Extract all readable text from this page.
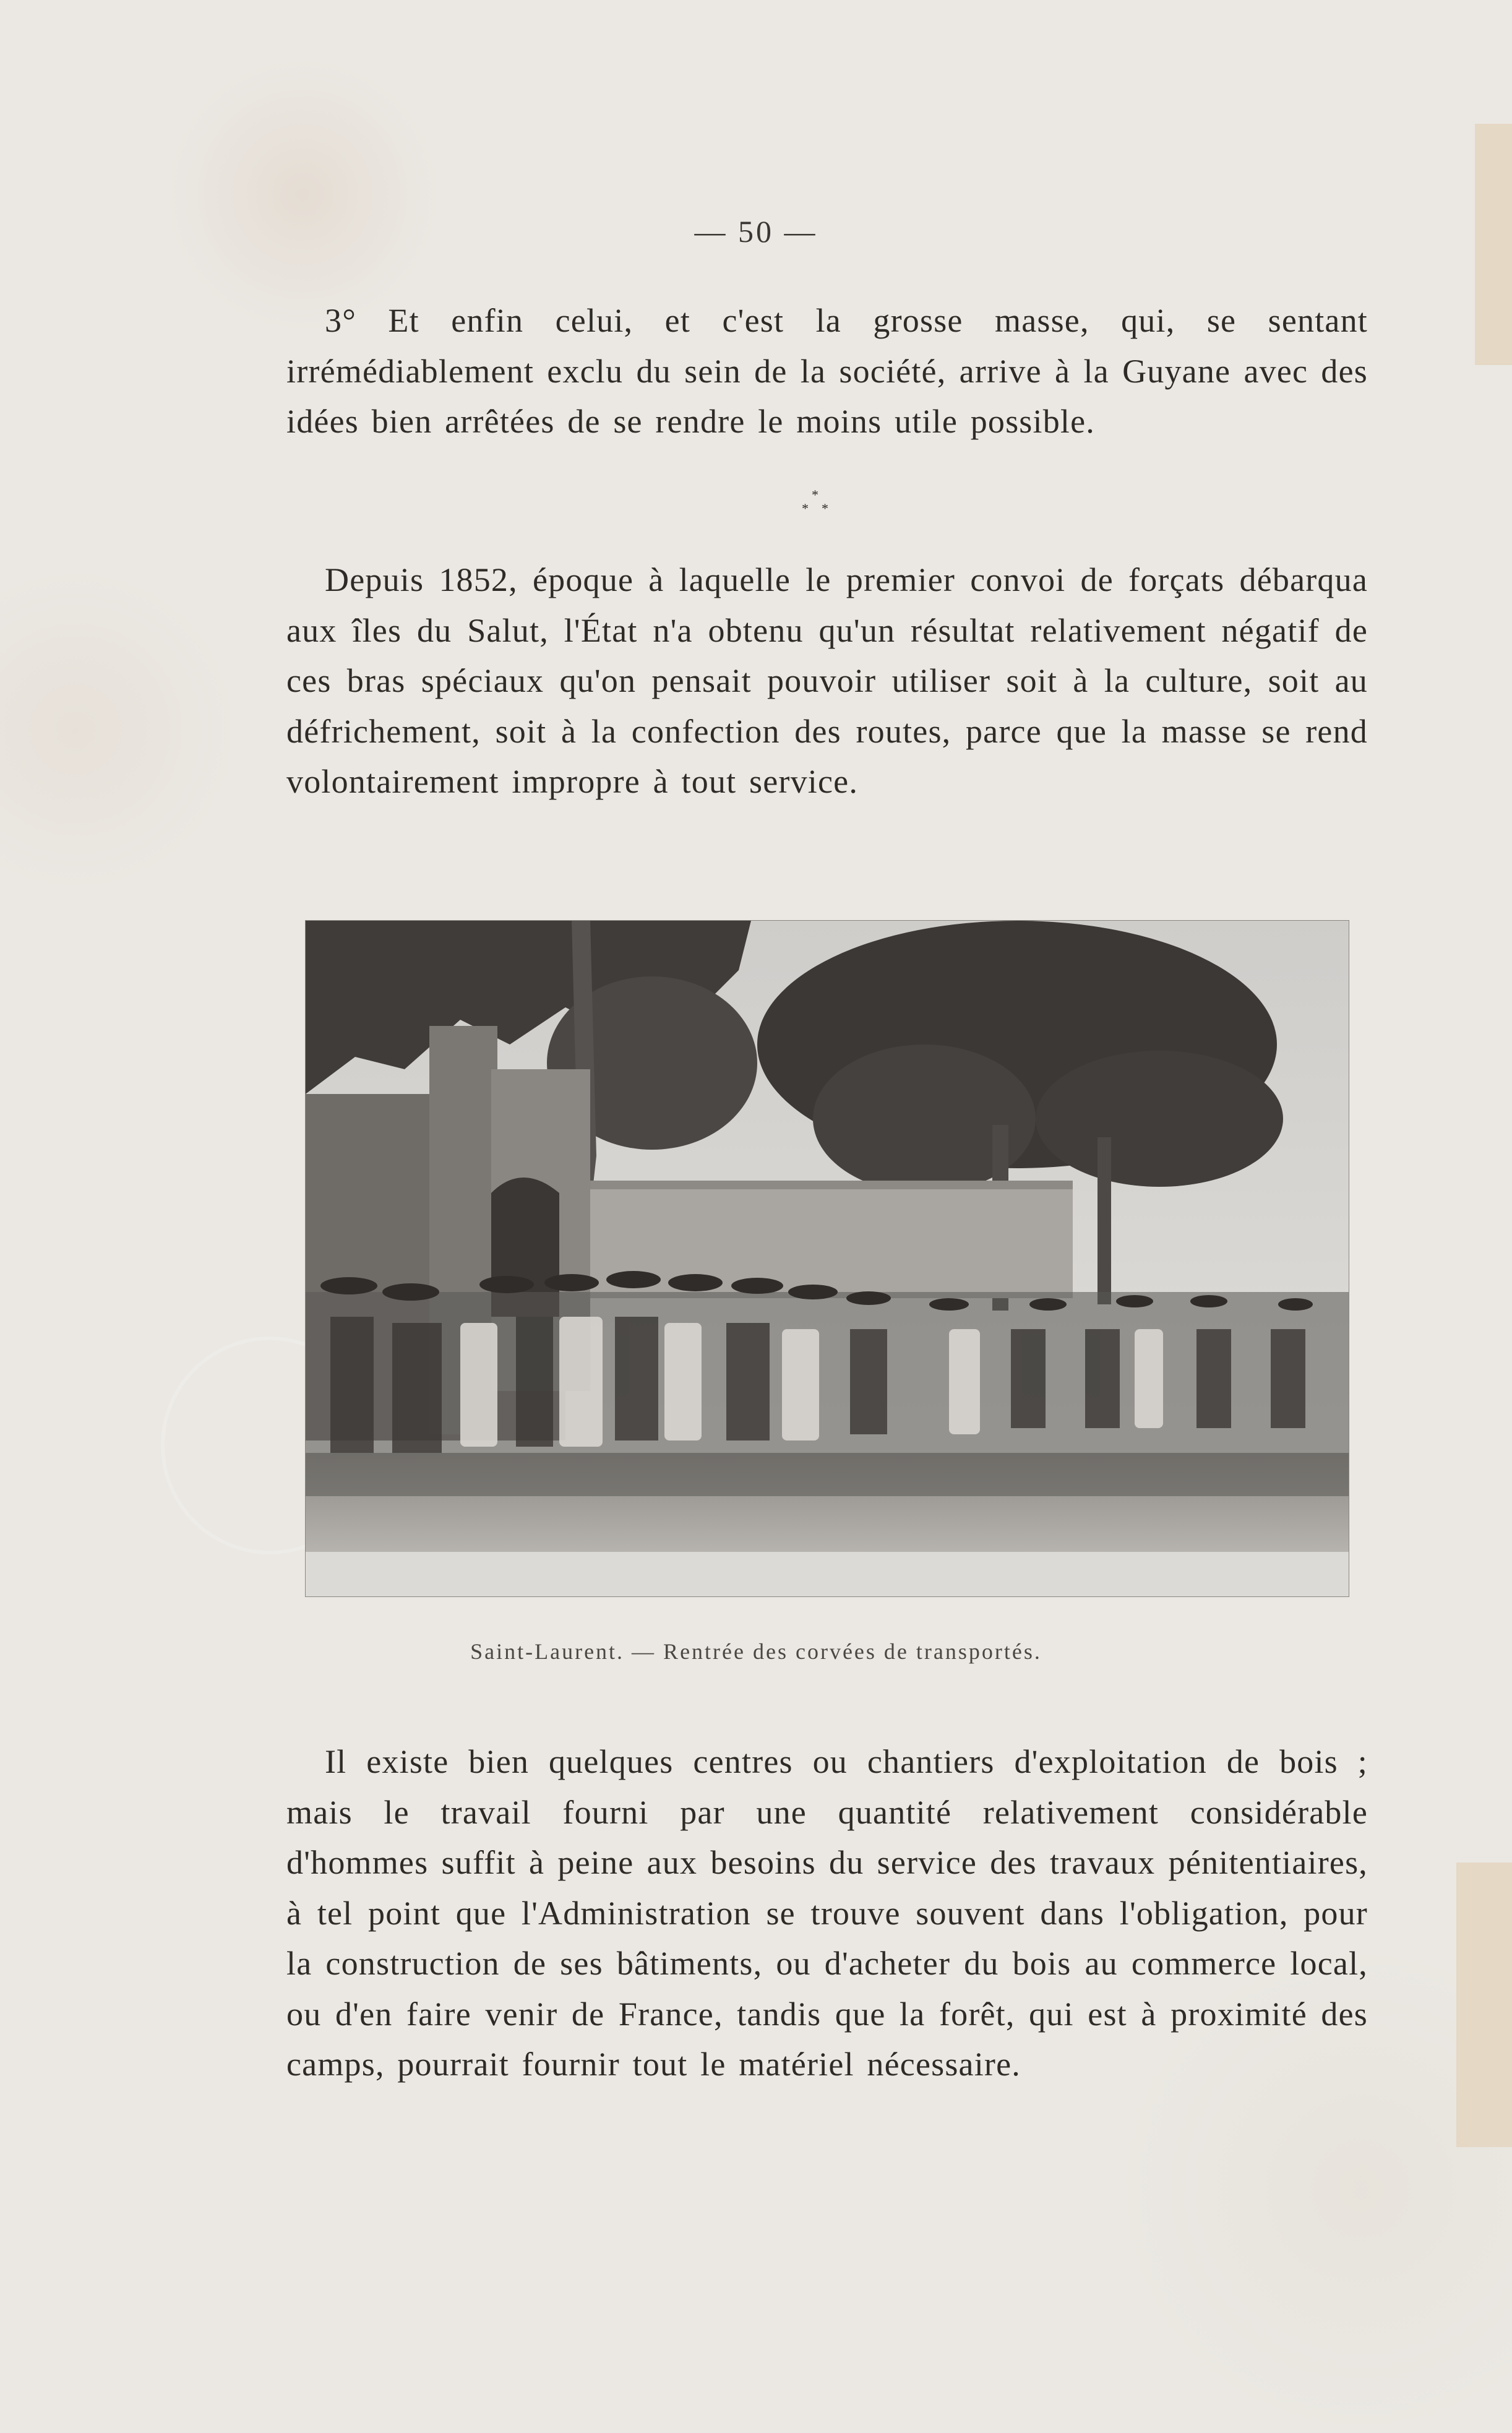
— 50 —

3° Et enfin celui, et c'est la grosse masse, qui, se sentant irrémédiablement exclu du sein de la société, arrive à la Guyane avec des idées bien arrêtées de se rendre le moins utile possible.

*
* *

Depuis 1852, époque à laquelle le premier convoi de forçats débarqua aux îles du Salut, l'État n'a obtenu qu'un résultat relativement négatif de ces bras spéciaux qu'on pensait pouvoir utiliser soit à la culture, soit au défrichement, soit à la confection des routes, parce que la masse se rend volontairement impropre à tout service.

Saint-Laurent. — Rentrée des corvées de transportés.

Il existe bien quelques centres ou chantiers d'exploitation de bois ; mais le travail fourni par une quantité relativement considérable d'hommes suffit à peine aux besoins du service des travaux pénitentiaires, à tel point que l'Administration se trouve souvent dans l'obligation, pour la construction de ses bâtiments, ou d'acheter du bois au commerce local, ou d'en faire venir de France, tandis que la forêt, qui est à proximité des camps, pourrait fournir tout le matériel nécessaire.
